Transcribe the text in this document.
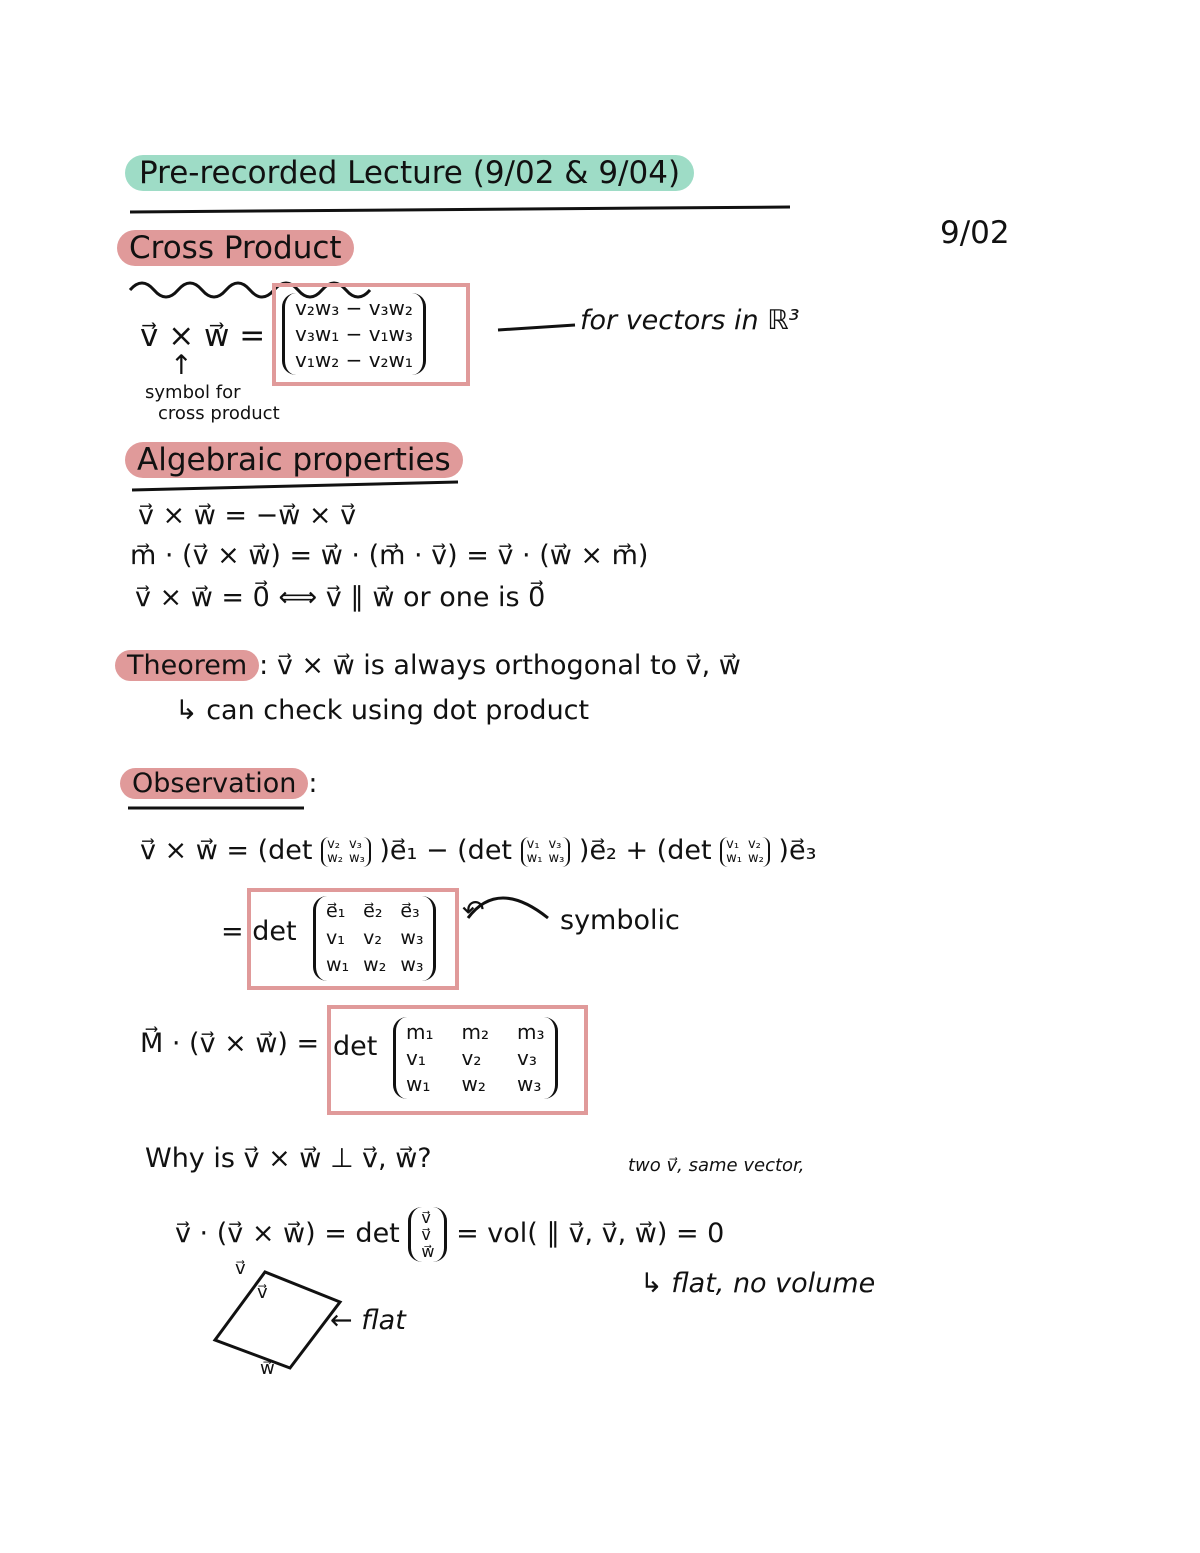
Pre-recorded Lecture (9/02 & 9/04)
9/02
Cross Product
v⃗ × w⃗ =
v₂w₃ − v₃w₂
v₃w₁ − v₁w₃
v₁w₂ − v₂w₁
for vectors in ℝ³
↑
symbol for
cross product
Algebraic properties
v⃗ × w⃗ = −w⃗ × v⃗
m⃗ · (v⃗ × w⃗) = w⃗ · (m⃗ · v⃗) = v⃗ · (w⃗ × m⃗)
v⃗ × w⃗ = 0⃗ ⟺ v⃗ ∥ w⃗ or one is 0⃗
Theorem : v⃗ × w⃗ is always orthogonal to v⃗, w⃗
↳ can check using dot product
Observation :
v⃗ × w⃗ = (det v₂ v₃
w₂ w₃ )e⃗₁ − (det v₁ v₃
w₁ w₃ )e⃗₂ + (det v₁ v₂
w₁ w₂ )e⃗₃
= det
e⃗₁ e⃗₂ e⃗₃
v₁ v₂ w₃
w₁ w₂ w₃
↶	symbolic
M⃗ · (v⃗ × w⃗) = det m₁ m₂ m₃
v₁	v₂	v₃
w₁ w₂ w₃
Why is v⃗ × w⃗ ⊥ v⃗, w⃗?	two v⃗, same vector,
v⃗ · (v⃗ × w⃗) = det
v⃗
v⃗
w⃗
= vol( ∥ v⃗, v⃗, w⃗) = 0
↳ flat, no volume
v⃗
v⃗
w⃗
← flat
